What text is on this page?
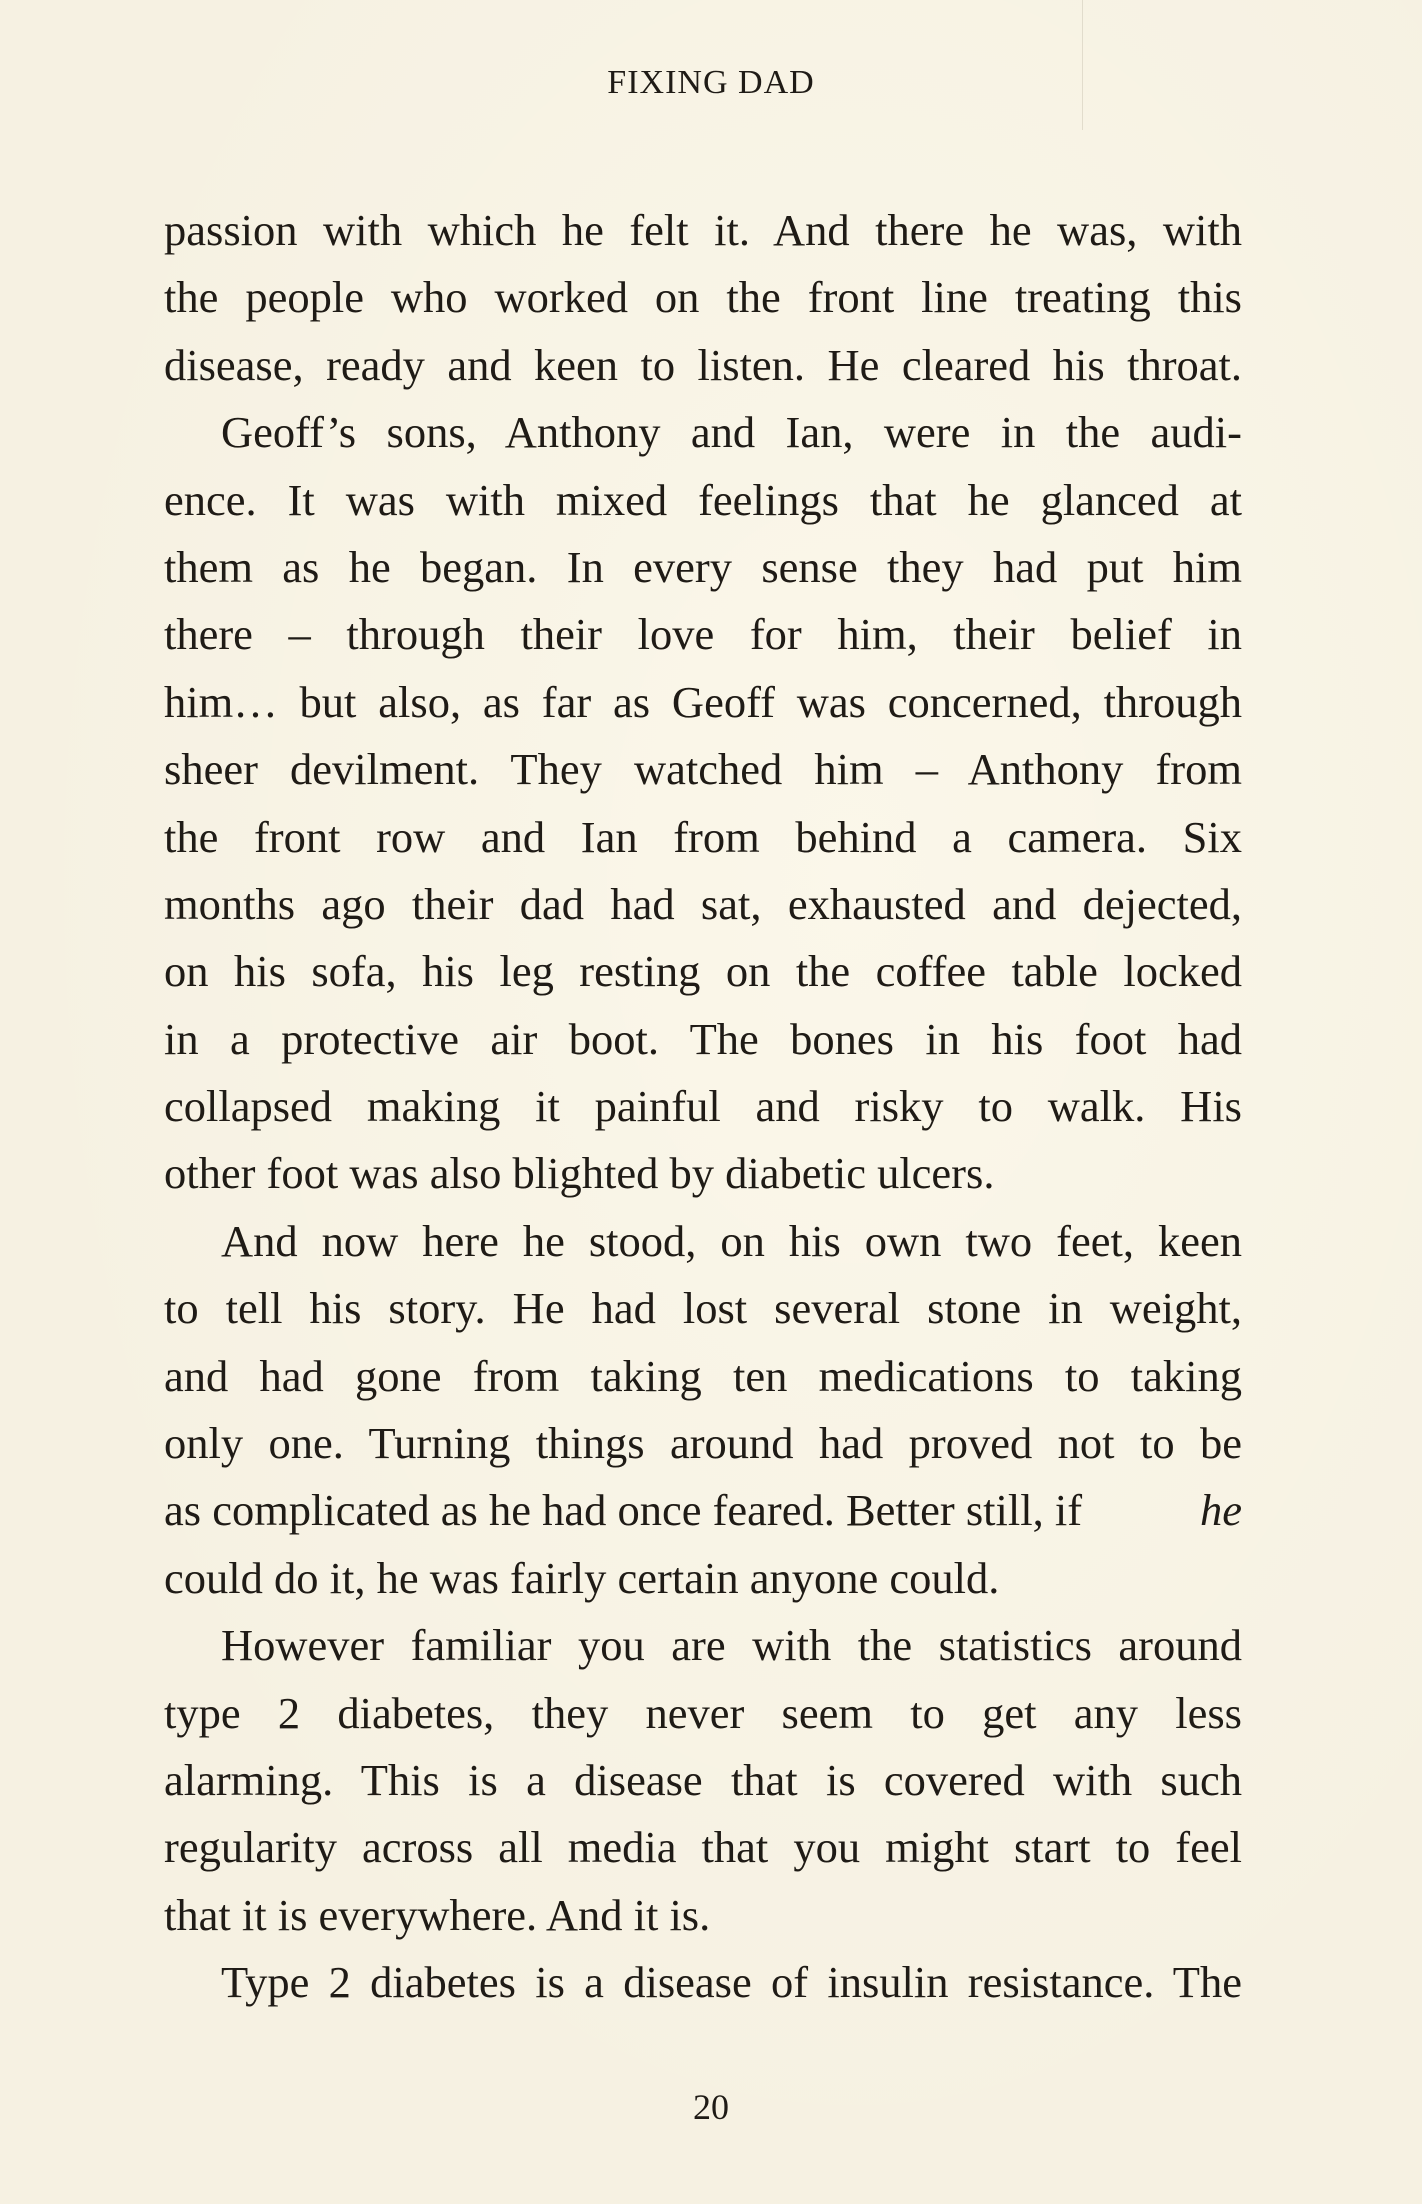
FIXING DAD
passion with which he felt it. And there he was, with
the people who worked on the front line treating this
disease, ready and keen to listen. He cleared his throat.
Geoff’s sons, Anthony and Ian, were in the audi-
ence. It was with mixed feelings that he glanced at
them as he began. In every sense they had put him
there – through their love for him, their belief in
him… but also, as far as Geoff was concerned, through
sheer devilment. They watched him – Anthony from
the front row and Ian from behind a camera. Six
months ago their dad had sat, exhausted and dejected,
on his sofa, his leg resting on the coffee table locked
in a protective air boot. The bones in his foot had
collapsed making it painful and risky to walk. His
other foot was also blighted by diabetic ulcers.
And now here he stood, on his own two feet, keen
to tell his story. He had lost several stone in weight,
and had gone from taking ten medications to taking
only one. Turning things around had proved not to be
as complicated as he had once feared. Better still, if	he
could do it, he was fairly certain anyone could.
However familiar you are with the statistics around
type 2 diabetes, they never seem to get any less
alarming. This is a disease that is covered with such
regularity across all media that you might start to feel
that it is everywhere. And it is.
Type 2 diabetes is a disease of insulin resistance. The
20
